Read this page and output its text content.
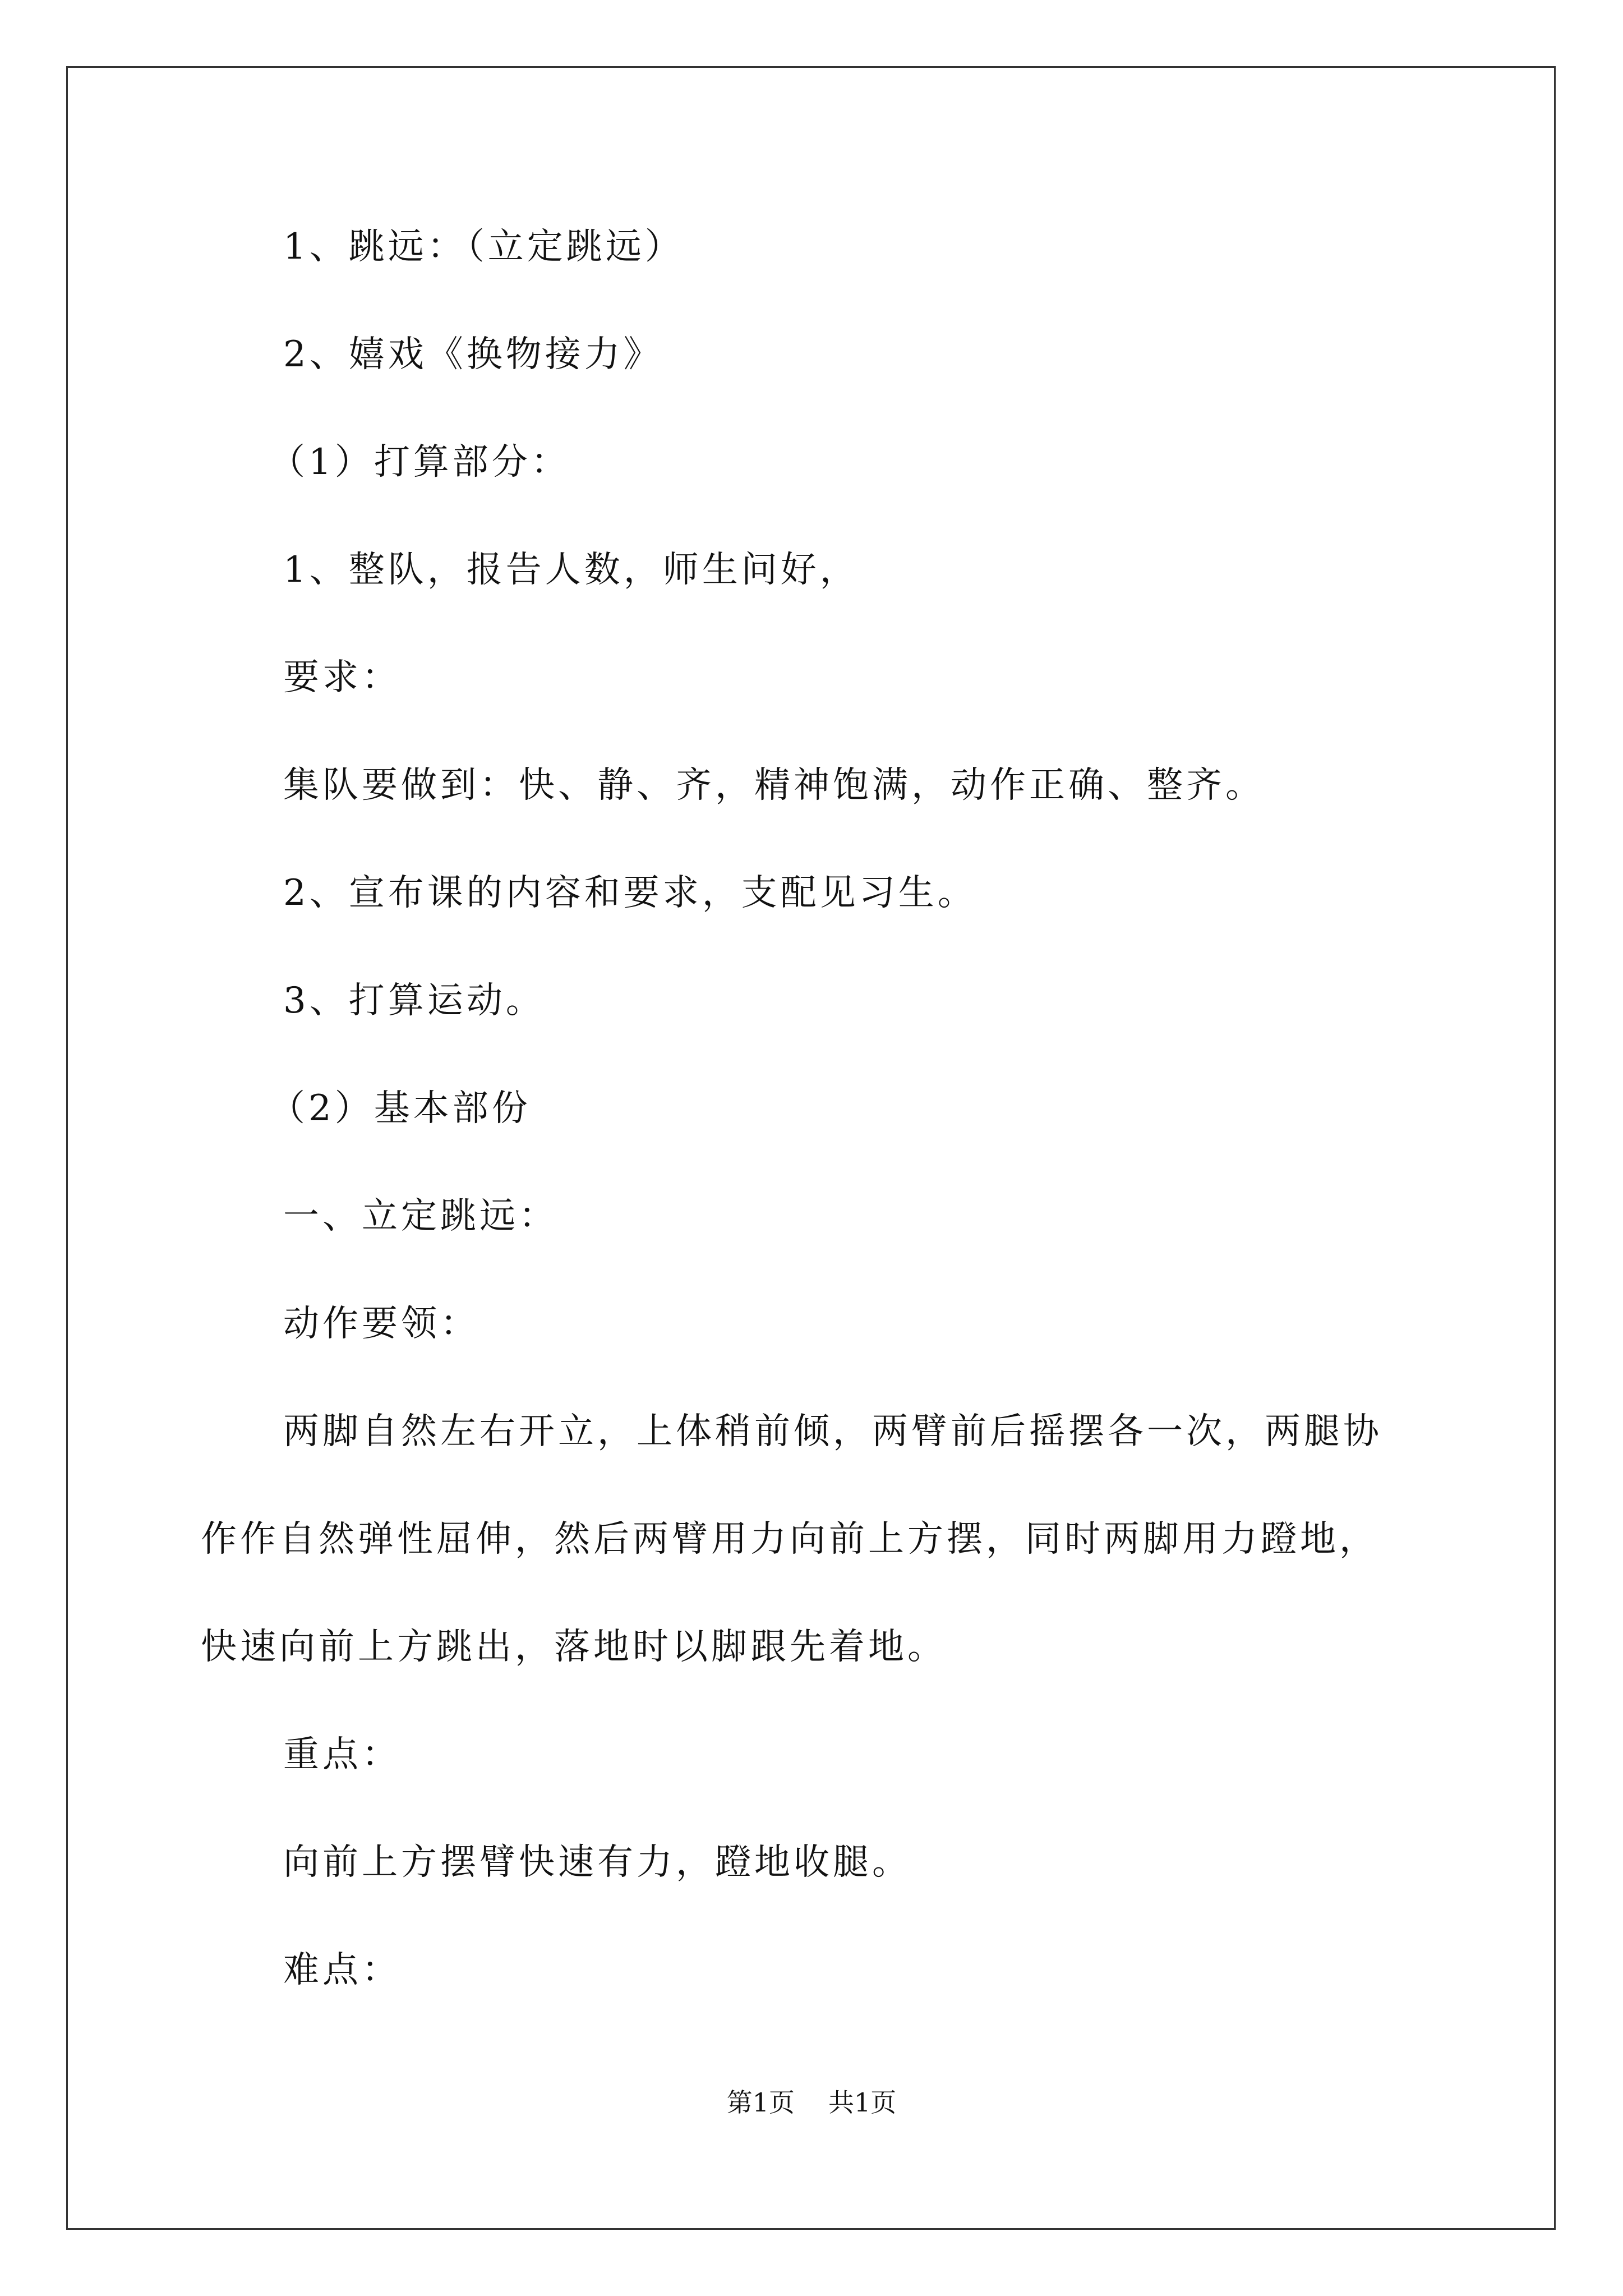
1、跳远：（立定跳远）

2、嬉戏《换物接力》

（1）打算部分：

1、整队，报告人数，师生问好，

要求：

集队要做到：快、静、齐，精神饱满，动作正确、整齐。

2、宣布课的内容和要求，支配见习生。

3、打算运动。

（2）基本部份

一、立定跳远：

动作要领：

两脚自然左右开立，上体稍前倾，两臂前后摇摆各一次，两腿协

作作自然弹性屈伸，然后两臂用力向前上方摆，同时两脚用力蹬地，

快速向前上方跳出，落地时以脚跟先着地。

重点：

向前上方摆臂快速有力，蹬地收腿。

难点：

第1页 共1页
